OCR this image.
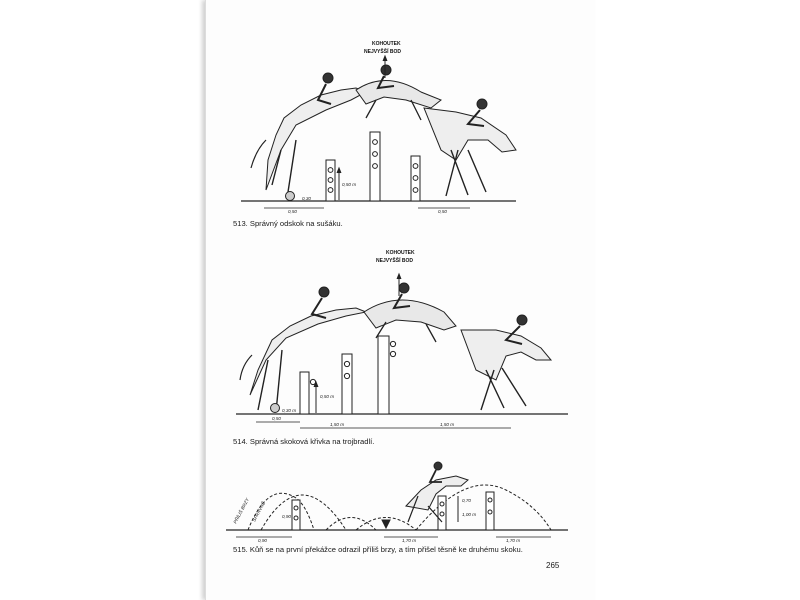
KOHOUTEK
NEJVYŠŠÍ BOD
0,30
0,50 m
0,50	0,50
513. Správný odskok na sušáku.
KOHOUTEK
NEJVYŠŠÍ BOD
0,30 m
0,50 m
0,50
1,50 m	1,50 m
514. Správná skoková křivka na trojbradlí.
PŘÍLIŠ BRZY SPRÁVNĚ	0,90
0,90	1,70 m	1,70 m
0,70
1,00 m
515. Kůň se na první překážce odrazil příliš brzy, a tím přišel těsně ke druhému skoku.
265
